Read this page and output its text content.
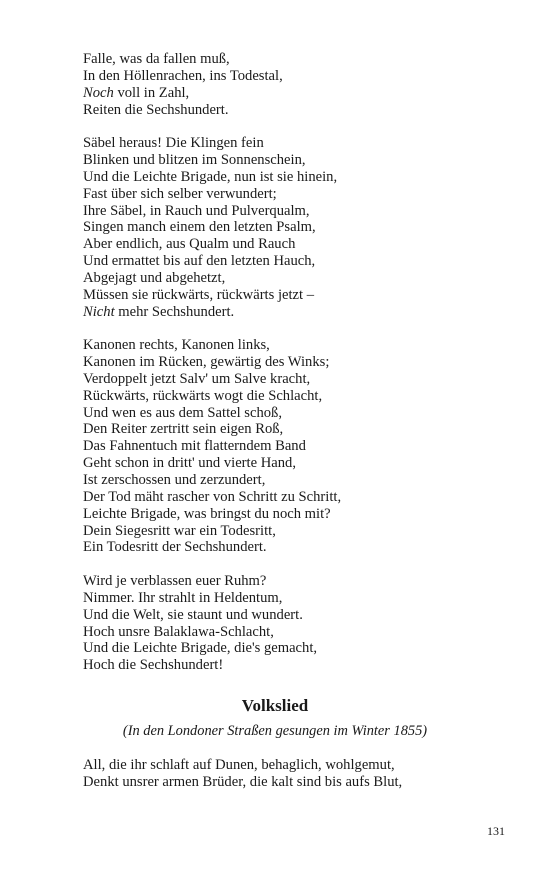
Falle, was da fallen muß,
In den Höllenrachen, ins Todestal,
Noch voll in Zahl,
Reiten die Sechshundert.
Säbel heraus! Die Klingen fein
Blinken und blitzen im Sonnenschein,
Und die Leichte Brigade, nun ist sie hinein,
Fast über sich selber verwundert;
Ihre Säbel, in Rauch und Pulverqualm,
Singen manch einem den letzten Psalm,
Aber endlich, aus Qualm und Rauch
Und ermattet bis auf den letzten Hauch,
Abgejagt und abgehetzt,
Müssen sie rückwärts, rückwärts jetzt –
Nicht mehr Sechshundert.
Kanonen rechts, Kanonen links,
Kanonen im Rücken, gewärtig des Winks;
Verdoppelt jetzt Salv' um Salve kracht,
Rückwärts, rückwärts wogt die Schlacht,
Und wen es aus dem Sattel schoß,
Den Reiter zertritt sein eigen Roß,
Das Fahnentuch mit flatterndem Band
Geht schon in dritt' und vierte Hand,
Ist zerschossen und zerzundert,
Der Tod mäht rascher von Schritt zu Schritt,
Leichte Brigade, was bringst du noch mit?
Dein Siegesritt war ein Todesritt,
Ein Todesritt der Sechshundert.
Wird je verblassen euer Ruhm?
Nimmer. Ihr strahlt in Heldentum,
Und die Welt, sie staunt und wundert.
Hoch unsre Balaklawa-Schlacht,
Und die Leichte Brigade, die's gemacht,
Hoch die Sechshundert!
Volkslied

(In den Londoner Straßen gesungen im Winter 1855)

All, die ihr schlaft auf Dunen, behaglich, wohlgemut,
Denkt unsrer armen Brüder, die kalt sind bis aufs Blut,
131
